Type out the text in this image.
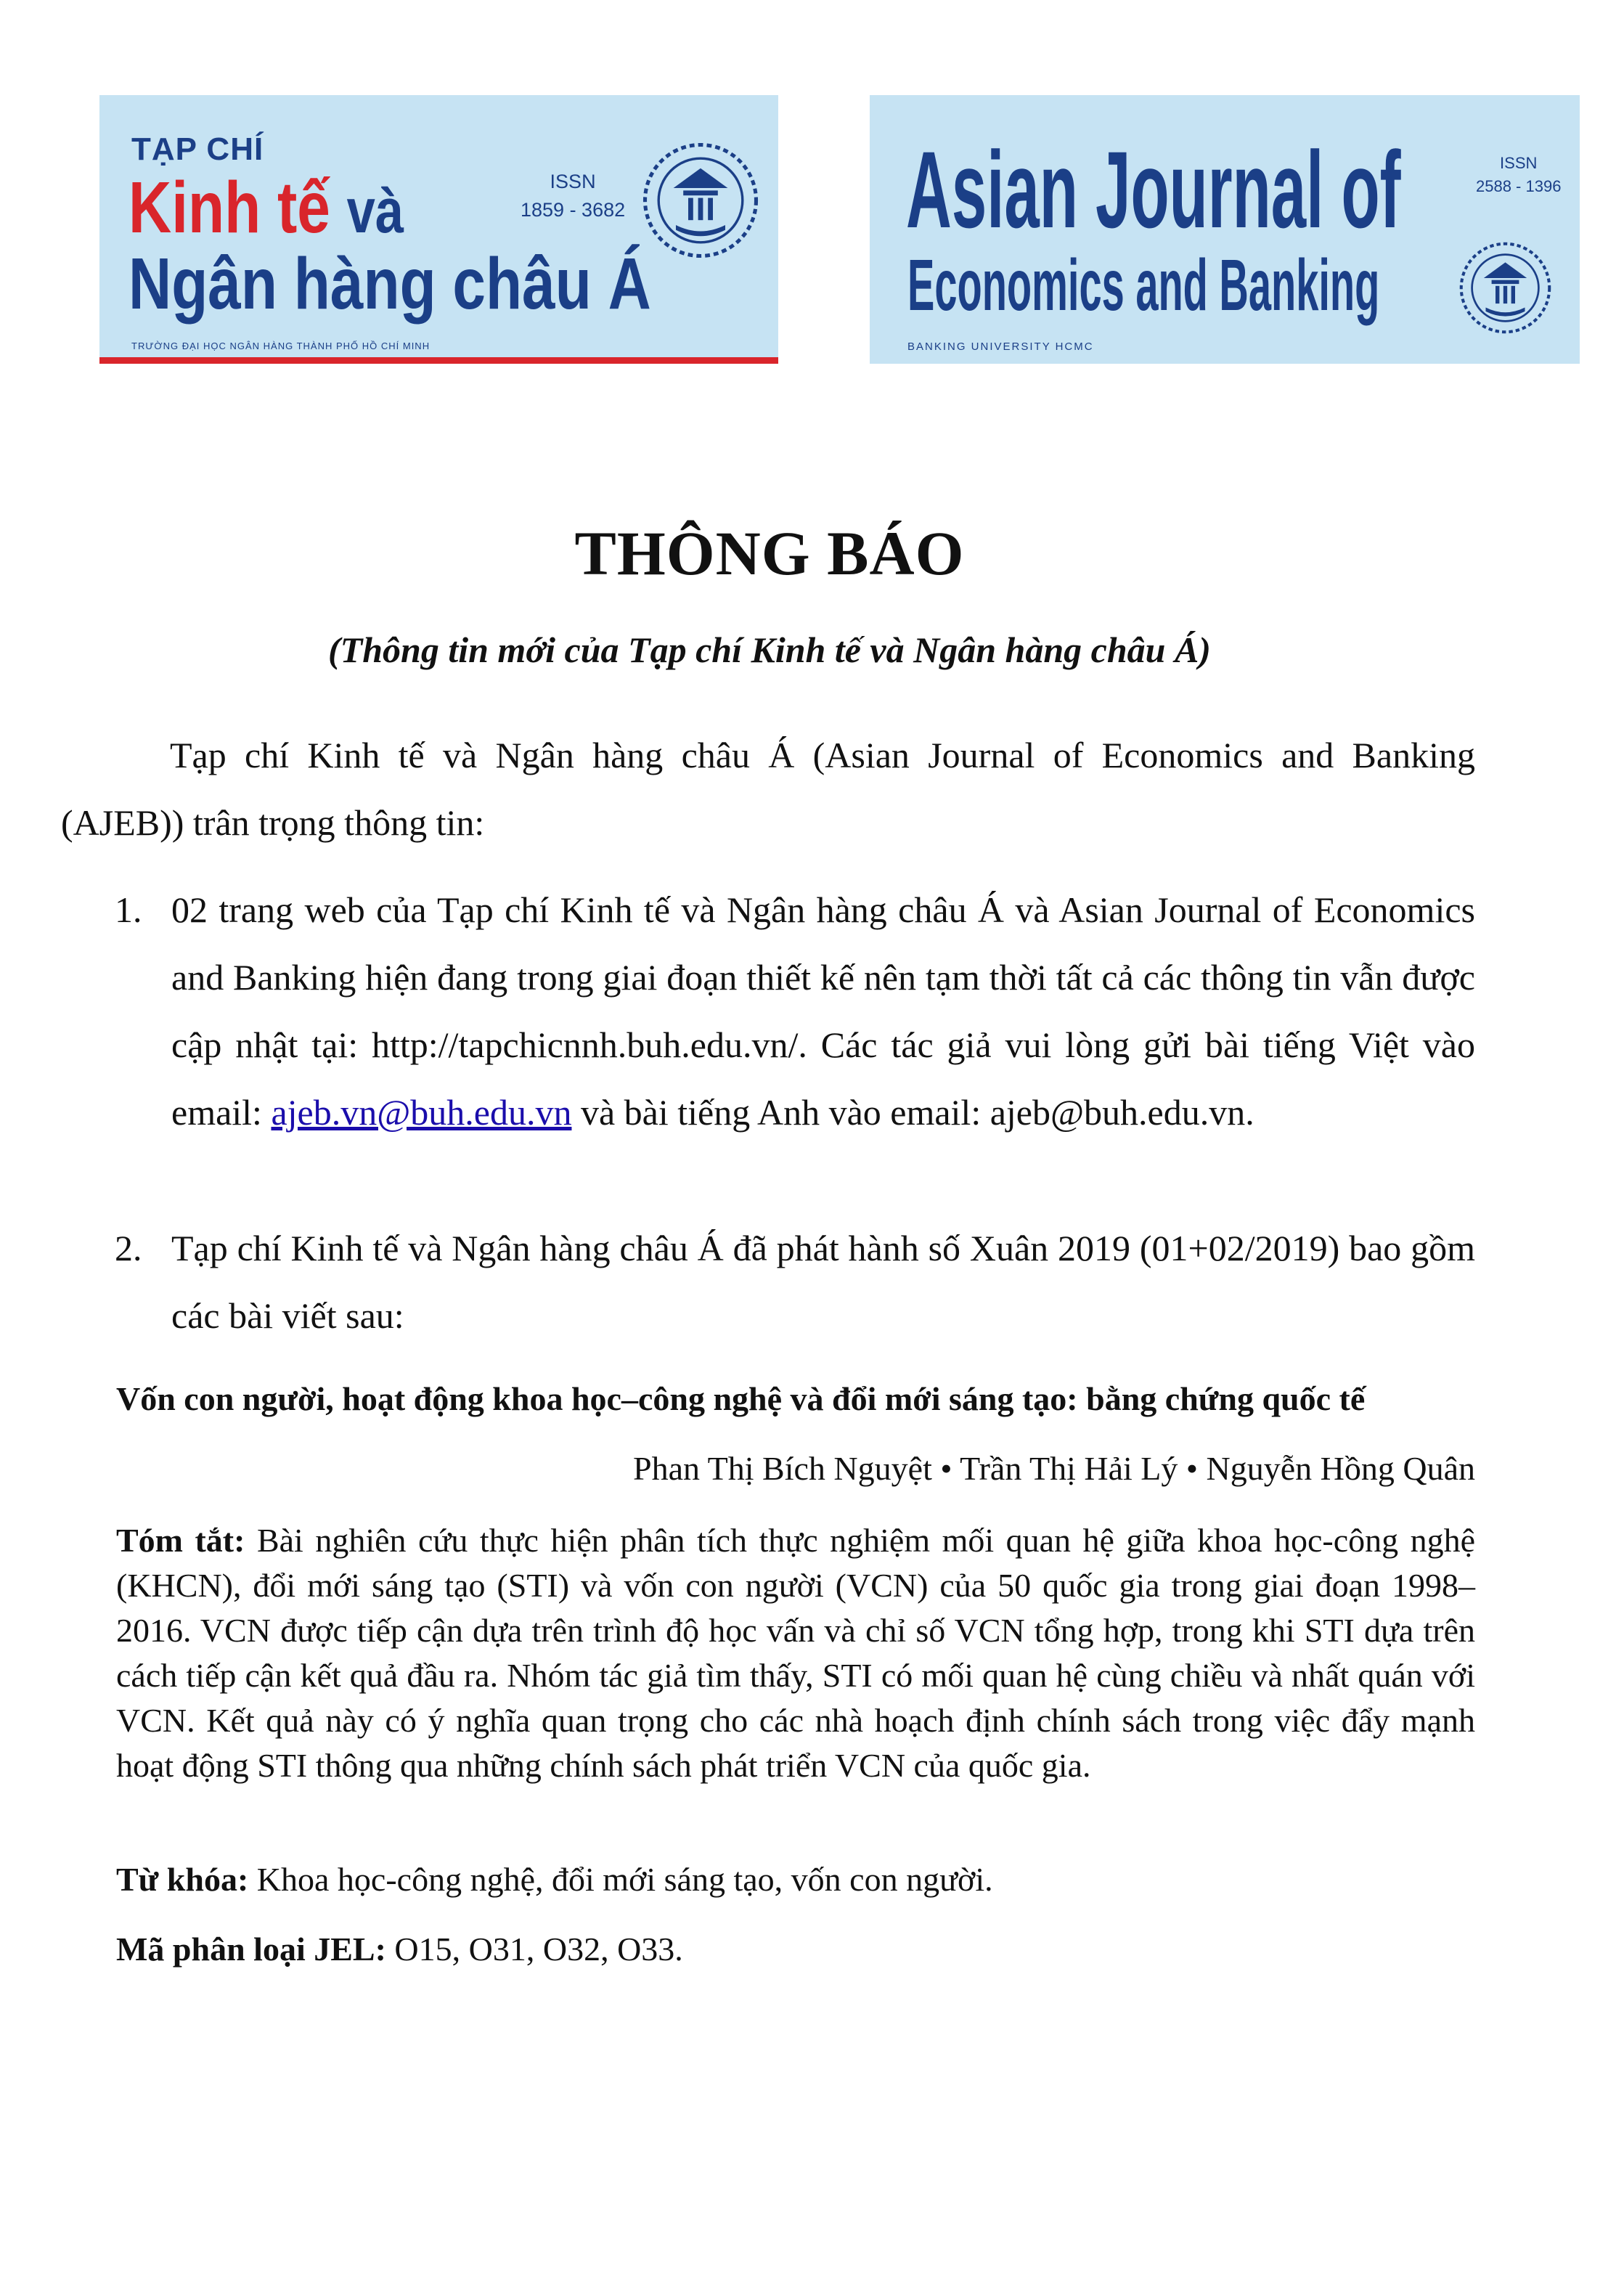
TẠP CHÍ
Kinh tế và
Ngân hàng châu Á
ISSN
1859 - 3682
TRƯỜNG ĐẠI HỌC NGÂN HÀNG THÀNH PHỐ HỒ CHÍ MINH
Asian Journal of
Economics and Banking
ISSN
2588 - 1396
BANKING UNIVERSITY HCMC
THÔNG BÁO
(Thông tin mới của Tạp chí Kinh tế và Ngân hàng châu Á)
Tạp chí Kinh tế và Ngân hàng châu Á (Asian Journal of Economics and Banking (AJEB)) trân trọng thông tin:
1. 02 trang web của Tạp chí Kinh tế và Ngân hàng châu Á và Asian Journal of Economics and Banking hiện đang trong giai đoạn thiết kế nên tạm thời tất cả các thông tin vẫn được cập nhật tại: http://tapchicnnh.buh.edu.vn/. Các tác giả vui lòng gửi bài tiếng Việt vào email: ajeb.vn@buh.edu.vn và bài tiếng Anh vào email: ajeb@buh.edu.vn.
2. Tạp chí Kinh tế và Ngân hàng châu Á đã phát hành số Xuân 2019 (01+02/2019) bao gồm các bài viết sau:
Vốn con người, hoạt động khoa học–công nghệ và đổi mới sáng tạo: bằng chứng quốc tế
Phan Thị Bích Nguyệt • Trần Thị Hải Lý • Nguyễn Hồng Quân
Tóm tắt: Bài nghiên cứu thực hiện phân tích thực nghiệm mối quan hệ giữa khoa học-công nghệ (KHCN), đổi mới sáng tạo (STI) và vốn con người (VCN) của 50 quốc gia trong giai đoạn 1998–2016. VCN được tiếp cận dựa trên trình độ học vấn và chỉ số VCN tổng hợp, trong khi STI dựa trên cách tiếp cận kết quả đầu ra. Nhóm tác giả tìm thấy, STI có mối quan hệ cùng chiều và nhất quán với VCN. Kết quả này có ý nghĩa quan trọng cho các nhà hoạch định chính sách trong việc đẩy mạnh hoạt động STI thông qua những chính sách phát triển VCN của quốc gia.
Từ khóa: Khoa học-công nghệ, đổi mới sáng tạo, vốn con người.
Mã phân loại JEL: O15, O31, O32, O33.
